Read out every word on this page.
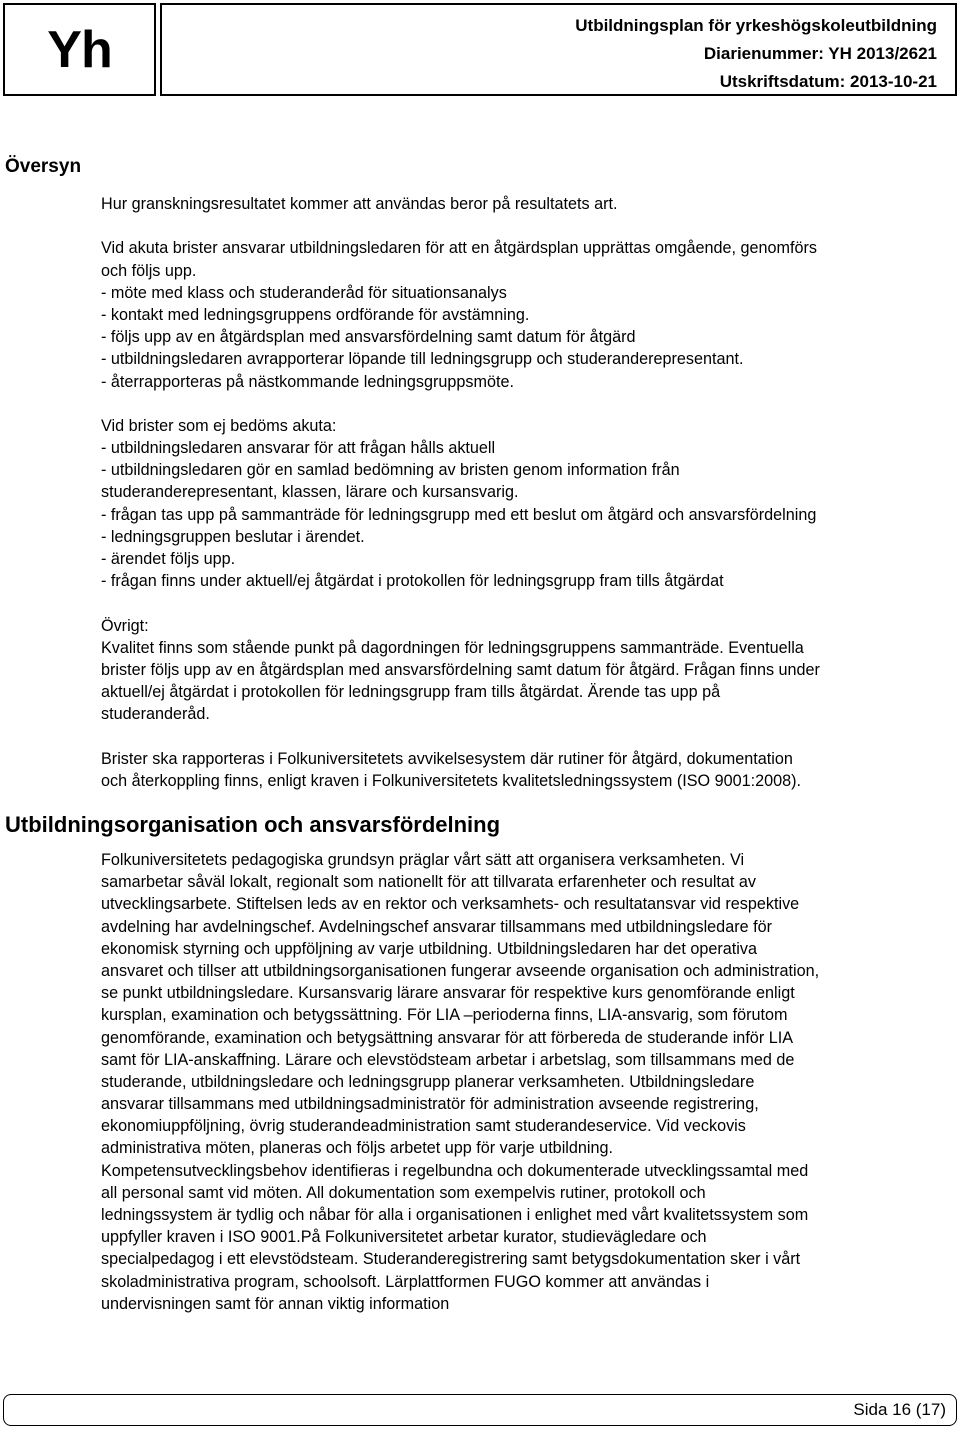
Yh	Utbildningsplan för yrkeshögskoleutbildning
Diarienummer: YH 2013/2621
Utskriftsdatum: 2013-10-21
Översyn
Hur granskningsresultatet kommer att användas beror på resultatets art.
Vid akuta brister ansvarar utbildningsledaren för att en åtgärdsplan upprättas omgående, genomförs
och följs upp.
- möte med klass och studeranderåd för situationsanalys
- kontakt med ledningsgruppens ordförande för avstämning.
- följs upp av en åtgärdsplan med ansvarsfördelning samt datum för åtgärd
- utbildningsledaren avrapporterar löpande till ledningsgrupp och studeranderepresentant.
- återrapporteras på nästkommande ledningsgruppsmöte.
Vid brister som ej bedöms akuta:
- utbildningsledaren ansvarar för att frågan hålls aktuell
- utbildningsledaren gör en samlad bedömning av bristen genom information från
studeranderepresentant, klassen, lärare och kursansvarig.
- frågan tas upp på sammanträde för ledningsgrupp med ett beslut om åtgärd och ansvarsfördelning
- ledningsgruppen beslutar i ärendet.
- ärendet följs upp.
- frågan finns under aktuell/ej åtgärdat i protokollen för ledningsgrupp fram tills åtgärdat
Övrigt:
Kvalitet finns som stående punkt på dagordningen för ledningsgruppens sammanträde. Eventuella
brister följs upp av en åtgärdsplan med ansvarsfördelning samt datum för åtgärd. Frågan finns under
aktuell/ej åtgärdat i protokollen för ledningsgrupp fram tills åtgärdat. Ärende tas upp på
studeranderåd.
Brister ska rapporteras i Folkuniversitetets avvikelsesystem där rutiner för åtgärd, dokumentation
och återkoppling finns, enligt kraven i Folkuniversitetets kvalitetsledningssystem (ISO 9001:2008).
Utbildningsorganisation och ansvarsfördelning
Folkuniversitetets pedagogiska grundsyn präglar vårt sätt att organisera verksamheten. Vi
samarbetar såväl lokalt, regionalt som nationellt för att tillvarata erfarenheter och resultat av
utvecklingsarbete. Stiftelsen leds av en rektor och verksamhets- och resultatansvar vid respektive
avdelning har avdelningschef. Avdelningschef ansvarar tillsammans med utbildningsledare för
ekonomisk styrning och uppföljning av varje utbildning. Utbildningsledaren har det operativa
ansvaret och tillser att utbildningsorganisationen fungerar avseende organisation och administration,
se punkt utbildningsledare. Kursansvarig lärare ansvarar för respektive kurs genomförande enligt
kursplan, examination och betygssättning. För LIA –perioderna finns, LIA-ansvarig, som förutom
genomförande, examination och betygsättning ansvarar för att förbereda de studerande inför LIA
samt för LIA-anskaffning. Lärare och elevstödsteam arbetar i arbetslag, som tillsammans med de
studerande, utbildningsledare och ledningsgrupp planerar verksamheten. Utbildningsledare
ansvarar tillsammans med utbildningsadministratör för administration avseende registrering,
ekonomiuppföljning, övrig studerandeadministration samt studerandeservice. Vid veckovis
administrativa möten, planeras och följs arbetet upp för varje utbildning.
Kompetensutvecklingsbehov identifieras i regelbundna och dokumenterade utvecklingssamtal med
all personal samt vid möten. All dokumentation som exempelvis rutiner, protokoll och
ledningssystem är tydlig och nåbar för alla i organisationen i enlighet med vårt kvalitetssystem som
uppfyller kraven i ISO 9001.På Folkuniversitetet arbetar kurator, studievägledare och
specialpedagog i ett elevstödsteam. Studeranderegistrering samt betygsdokumentation sker i vårt
skoladministrativa program, schoolsoft. Lärplattformen FUGO kommer att användas i
undervisningen samt för annan viktig information
Sida 16 (17)
